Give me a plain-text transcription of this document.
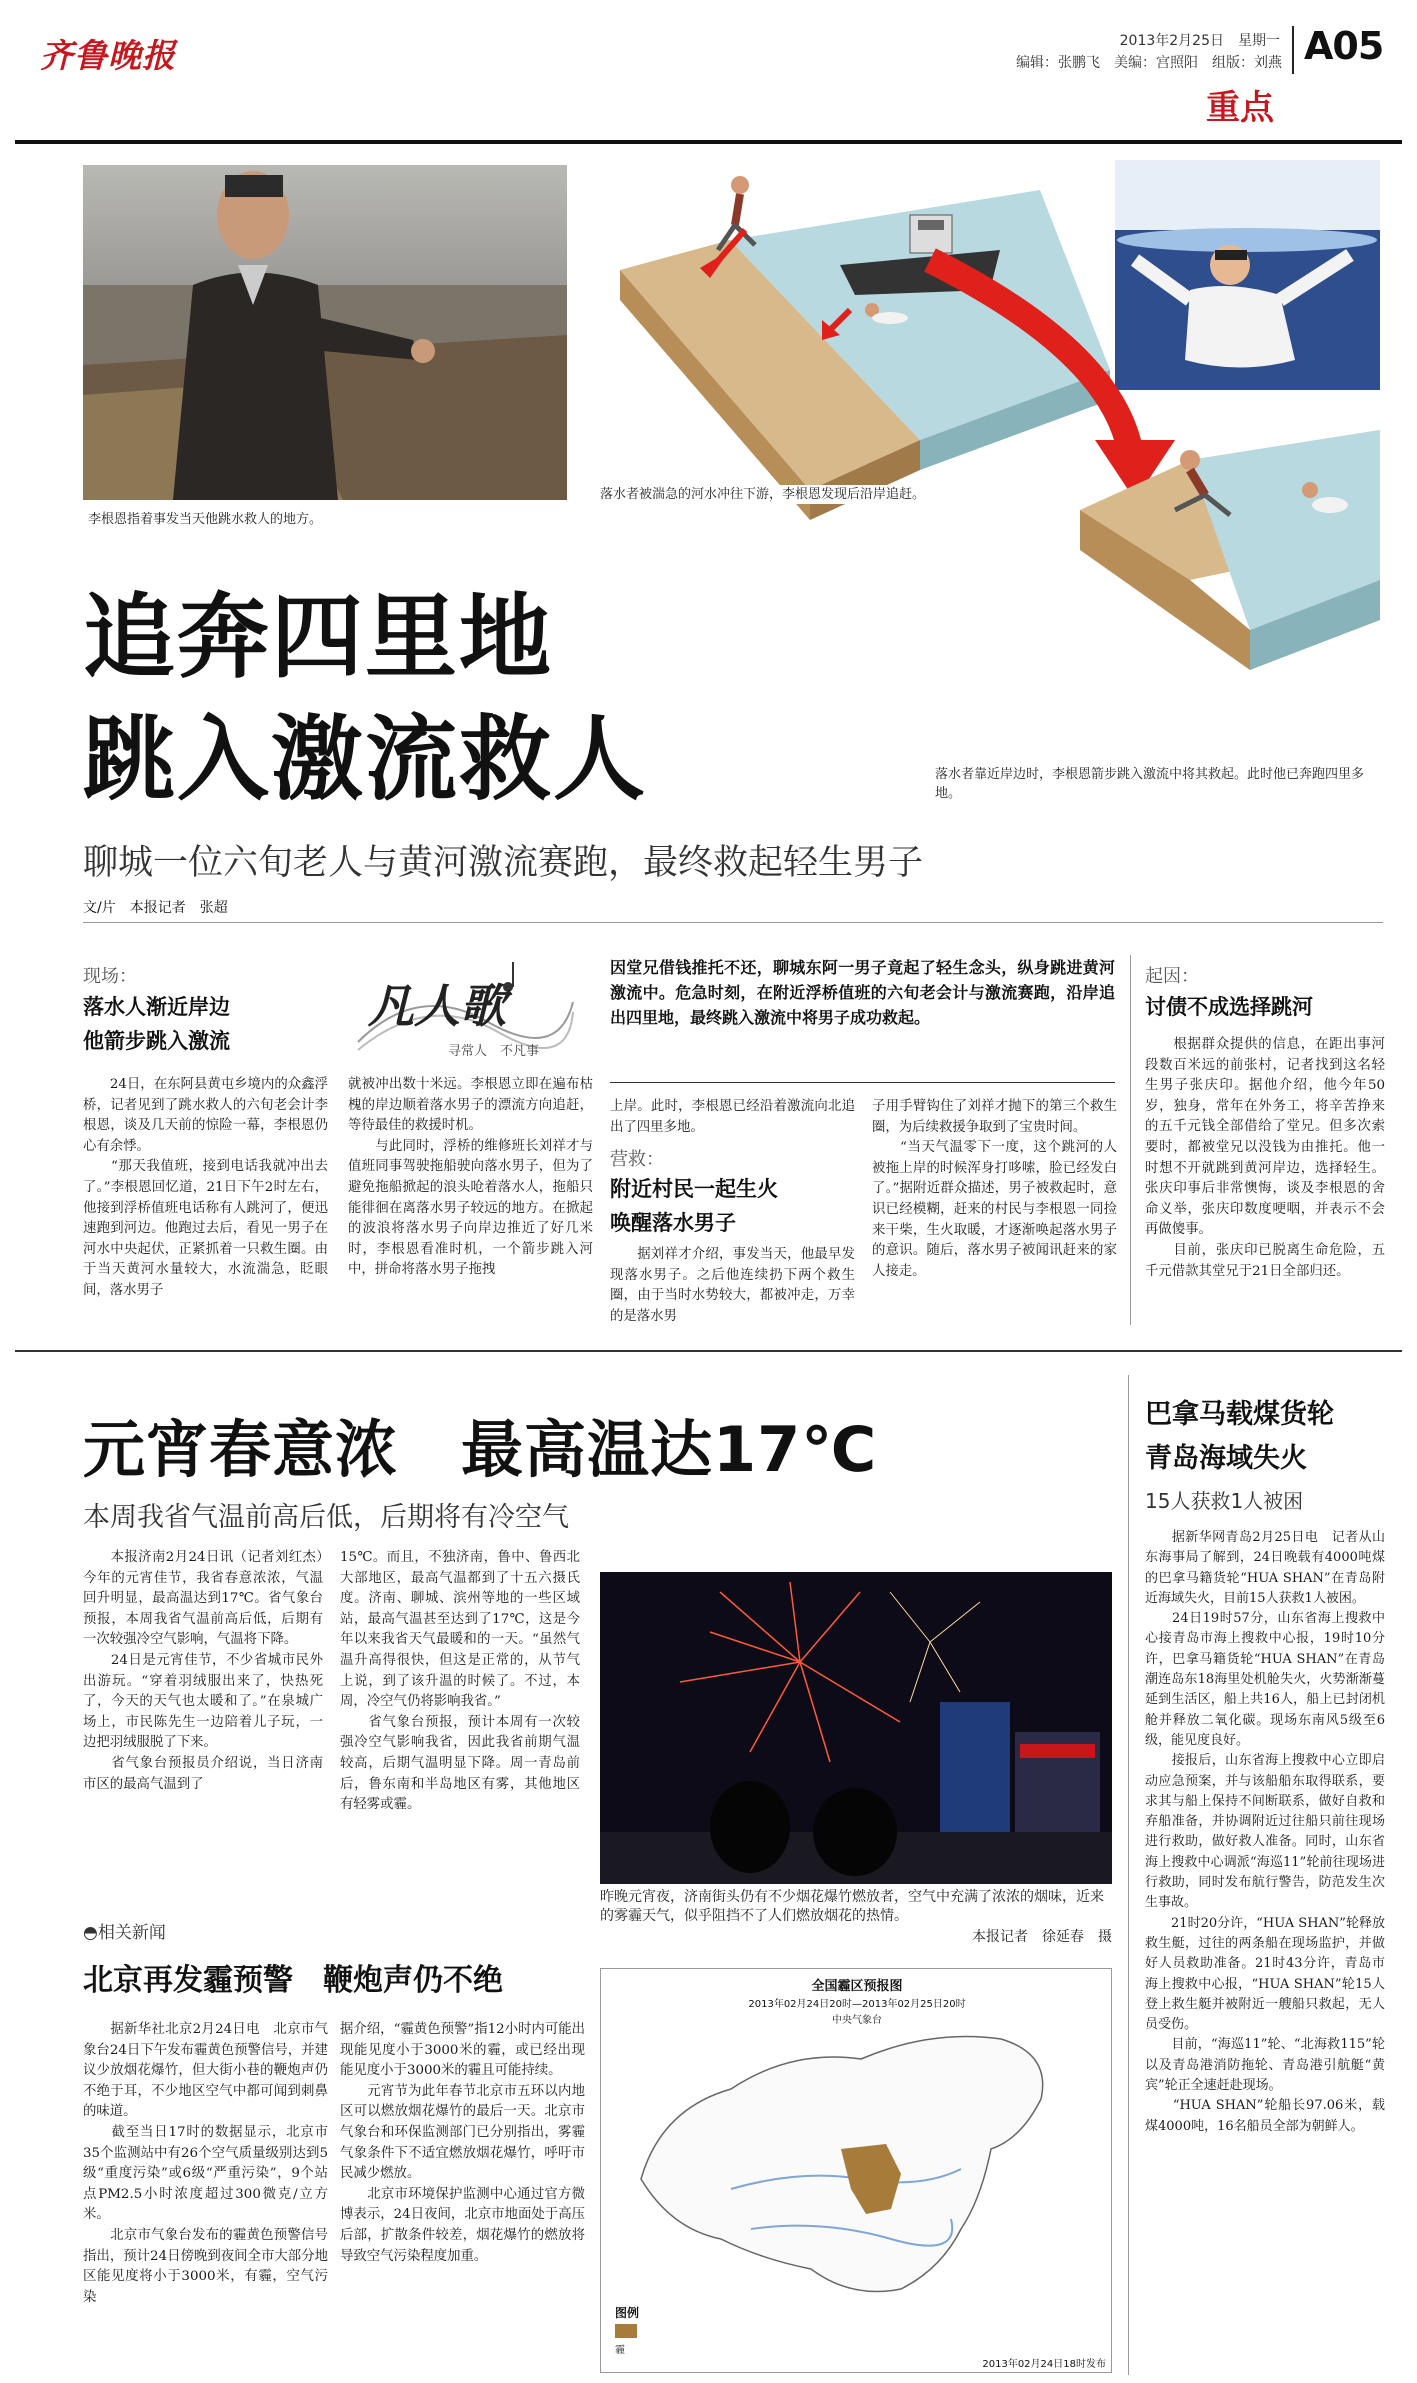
齐鲁晚报	2013年2月25日　星期一
编辑：张鹏飞　美编：宫照阳　组版：刘燕 A05
重点
李根恩指着事发当天他跳水救人的地方。
落水者被湍急的河水冲往下游，李根恩发现后沿岸追赶。
落水者靠近岸边时，李根恩箭步跳入激流中将其救起。此时他已奔跑四里多地。
追奔四里地
跳入激流救人
聊城一位六旬老人与黄河激流赛跑，最终救起轻生男子
文/片　本报记者　张超
现场：
落水人渐近岸边
他箭步跳入激流
凡人歌
寻常人　不凡事
　　24日，在东阿县黄屯乡境内的众鑫浮桥，记者见到了跳水救人的六旬老会计李根恩，谈及几天前的惊险一幕，李根恩仍心有余悸。
　　“那天我值班，接到电话我就冲出去了。”李根恩回忆道，21日下午2时左右，他接到浮桥值班电话称有人跳河了，便迅速跑到河边。他跑过去后，看见一男子在河水中央起伏，正紧抓着一只救生圈。由于当天黄河水量较大，水流湍急，眨眼间，落水男子
就被冲出数十米远。李根恩立即在遍布枯槐的岸边顺着落水男子的漂流方向追赶，等待最佳的救援时机。
　　与此同时，浮桥的维修班长刘祥才与值班同事驾驶拖船驶向落水男子，但为了避免拖船掀起的浪头呛着落水人，拖船只能徘徊在离落水男子较远的地方。在掀起的波浪将落水男子向岸边推近了好几米时，李根恩看准时机，一个箭步跳入河中，拼命将落水男子拖拽
因堂兄借钱推托不还，聊城东阿一男子竟起了轻生念头，纵身跳进黄河激流中。危急时刻，在附近浮桥值班的六旬老会计与激流赛跑，沿岸追出四里地，最终跳入激流中将男子成功救起。
上岸。此时，李根恩已经沿着激流向北追出了四里多地。
营救：
附近村民一起生火
唤醒落水男子
　　据刘祥才介绍，事发当天，他最早发现落水男子。之后他连续扔下两个救生圈，由于当时水势较大，都被冲走，万幸的是落水男
子用手臂钩住了刘祥才抛下的第三个救生圈，为后续救援争取到了宝贵时间。
　　“当天气温零下一度，这个跳河的人被拖上岸的时候浑身打哆嗦，脸已经发白了。”据附近群众描述，男子被救起时，意识已经模糊，赶来的村民与李根恩一同捡来干柴，生火取暖，才逐渐唤起落水男子的意识。随后，落水男子被闻讯赶来的家人接走。
起因：
讨债不成选择跳河
　　根据群众提供的信息，在距出事河段数百米远的前张村，记者找到这名轻生男子张庆印。据他介绍，他今年50岁，独身，常年在外务工，将辛苦挣来的五千元钱全部借给了堂兄。但多次索要时，都被堂兄以没钱为由推托。他一时想不开就跳到黄河岸边，选择轻生。张庆印事后非常懊悔，谈及李根恩的舍命义举，张庆印数度哽咽，并表示不会再做傻事。
　　目前，张庆印已脱离生命危险，五千元借款其堂兄于21日全部归还。
元宵春意浓　最高温达17℃
本周我省气温前高后低，后期将有冷空气
　　本报济南2月24日讯（记者刘红杰）　今年的元宵佳节，我省春意浓浓，气温回升明显，最高温达到17℃。省气象台预报，本周我省气温前高后低，后期有一次较强冷空气影响，气温将下降。
　　24日是元宵佳节，不少省城市民外出游玩。“穿着羽绒服出来了，快热死了，今天的天气也太暖和了。”在泉城广场上，市民陈先生一边陪着儿子玩，一边把羽绒服脱了下来。
　　省气象台预报员介绍说，当日济南市区的最高气温到了
15℃。而且，不独济南，鲁中、鲁西北大部地区，最高气温都到了十五六摄氏度。济南、聊城、滨州等地的一些区域站，最高气温甚至达到了17℃，这是今年以来我省天气最暖和的一天。“虽然气温升高得很快，但这是正常的，从节气上说，到了该升温的时候了。不过，本周，冷空气仍将影响我省。”
　　省气象台预报，预计本周有一次较强冷空气影响我省，因此我省前期气温较高，后期气温明显下降。周一青岛前后，鲁东南和半岛地区有雾，其他地区有轻雾或霾。
昨晚元宵夜，济南街头仍有不少烟花爆竹燃放者，空气中充满了浓浓的烟味，近来的雾霾天气，似乎阻挡不了人们燃放烟花的热情。
本报记者　徐延春　摄
◓相关新闻
北京再发霾预警　鞭炮声仍不绝
　　据新华社北京2月24日电　北京市气象台24日下午发布霾黄色预警信号，并建议少放烟花爆竹，但大街小巷的鞭炮声仍不绝于耳，不少地区空气中都可闻到刺鼻的味道。
　　截至当日17时的数据显示，北京市35个监测站中有26个空气质量级别达到5级“重度污染”或6级“严重污染”，9个站点PM2.5小时浓度超过300微克/立方米。
　　北京市气象台发布的霾黄色预警信号指出，预计24日傍晚到夜间全市大部分地区能见度将小于3000米，有霾，空气污染
据介绍，“霾黄色预警”指12小时内可能出现能见度小于3000米的霾，或已经出现能见度小于3000米的霾且可能持续。
　　元宵节为此年春节北京市五环以内地区可以燃放烟花爆竹的最后一天。北京市气象台和环保监测部门已分别指出，雾霾气象条件下不适宜燃放烟花爆竹，呼吁市民减少燃放。
　　北京市环境保护监测中心通过官方微博表示，24日夜间，北京市地面处于高压后部，扩散条件较差，烟花爆竹的燃放将导致空气污染程度加重。
全国霾区预报图
2013年02月24日20时—2013年02月25日20时
中央气象台
图例
霾
2013年02月24日18时发布
巴拿马载煤货轮
青岛海域失火
15人获救1人被困
　　据新华网青岛2月25日电　记者从山东海事局了解到，24日晚载有4000吨煤的巴拿马籍货轮“HUA SHAN”在青岛附近海域失火，目前15人获救1人被困。
　　24日19时57分，山东省海上搜救中心接青岛市海上搜救中心报，19时10分许，巴拿马籍货轮“HUA SHAN”在青岛潮连岛东18海里处机舱失火，火势渐渐蔓延到生活区，船上共16人，船上已封闭机舱并释放二氧化碳。现场东南风5级至6级，能见度良好。
　　接报后，山东省海上搜救中心立即启动应急预案，并与该船船东取得联系，要求其与船上保持不间断联系，做好自救和弃船准备，并协调附近过往船只前往现场进行救助，做好救人准备。同时，山东省海上搜救中心调派“海巡11”轮前往现场进行救助，同时发布航行警告，防范发生次生事故。
　　21时20分许，“HUA SHAN”轮释放救生艇，过往的两条船在现场监护，并做好人员救助准备。21时43分许，青岛市海上搜救中心报，“HUA SHAN”轮15人登上救生艇并被附近一艘船只救起，无人员受伤。
　　目前，“海巡11”轮、“北海救115”轮以及青岛港消防拖轮、青岛港引航艇“黄宾”轮正全速赶赴现场。
　　“HUA SHAN”轮船长97.06米，载煤4000吨，16名船员全部为朝鲜人。
